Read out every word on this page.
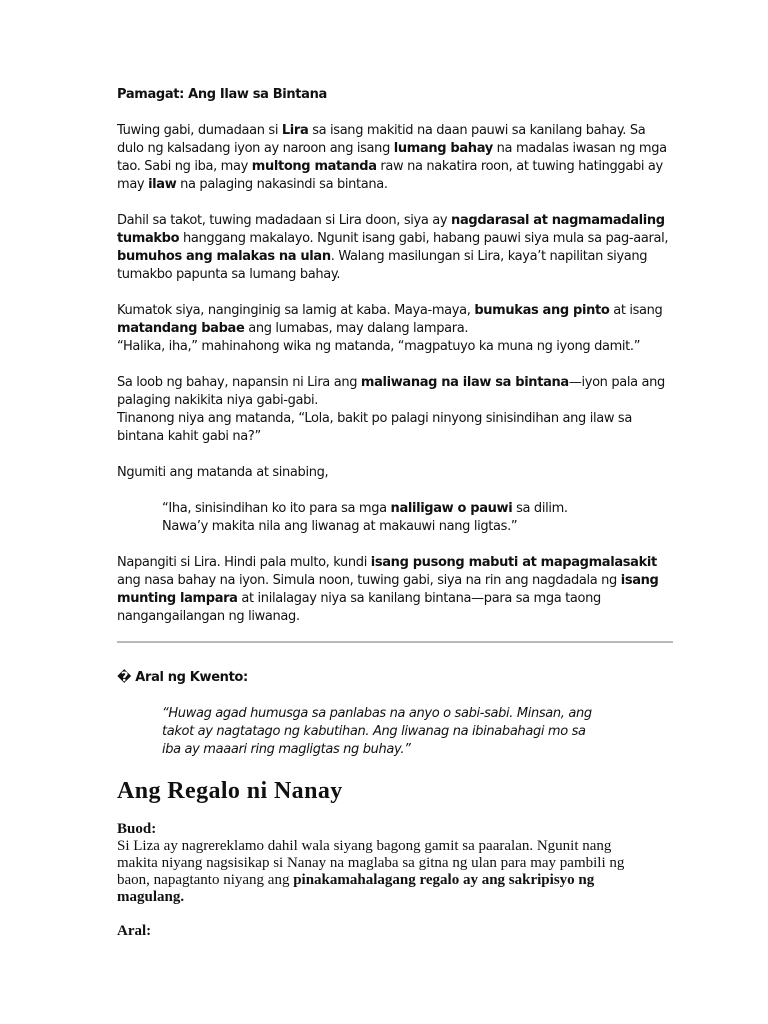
Pamagat: Ang Ilaw sa Bintana

Tuwing gabi, dumadaan si Lira sa isang makitid na daan pauwi sa kanilang bahay. Sa dulo ng kalsadang iyon ay naroon ang isang lumang bahay na madalas iwasan ng mga tao. Sabi ng iba, may multong matanda raw na nakatira roon, at tuwing hatinggabi ay may ilaw na palaging nakasindi sa bintana.

Dahil sa takot, tuwing madadaan si Lira doon, siya ay nagdarasal at nagmamadaling tumakbo hanggang makalayo. Ngunit isang gabi, habang pauwi siya mula sa pag-aaral, bumuhos ang malakas na ulan. Walang masilungan si Lira, kaya’t napilitan siyang tumakbo papunta sa lumang bahay.

Kumatok siya, nanginginig sa lamig at kaba. Maya-maya, bumukas ang pinto at isang matandang babae ang lumabas, may dalang lampara.

“Halika, iha,” mahinahong wika ng matanda, “magpatuyo ka muna ng iyong damit.”

Sa loob ng bahay, napansin ni Lira ang maliwanag na ilaw sa bintana—iyon pala ang palaging nakikita niya gabi-gabi.

Tinanong niya ang matanda, “Lola, bakit po palagi ninyong sinisindihan ang ilaw sa bintana kahit gabi na?”

Ngumiti ang matanda at sinabing,

“Iha, sinisindihan ko ito para sa mga naliligaw o pauwi sa dilim.

Nawa’y makita nila ang liwanag at makauwi nang ligtas.”

Napangiti si Lira. Hindi pala multo, kundi isang pusong mabuti at mapagmalasakit ang nasa bahay na iyon. Simula noon, tuwing gabi, siya na rin ang nagdadala ng isang munting lampara at inilalagay niya sa kanilang bintana—para sa mga taong nangangailangan ng liwanag.

� Aral ng Kwento:

“Huwag agad humusga sa panlabas na anyo o sabi-sabi. Minsan, ang takot ay nagtatago ng kabutihan. Ang liwanag na ibinabahagi mo sa iba ay maaari ring magligtas ng buhay.”

Ang Regalo ni Nanay

Buod:

Si Liza ay nagrereklamo dahil wala siyang bagong gamit sa paaralan. Ngunit nang makita niyang nagsisikap si Nanay na maglaba sa gitna ng ulan para may pambili ng baon, napagtanto niyang ang pinakamahalagang regalo ay ang sakripisyo ng magulang.

Aral:
